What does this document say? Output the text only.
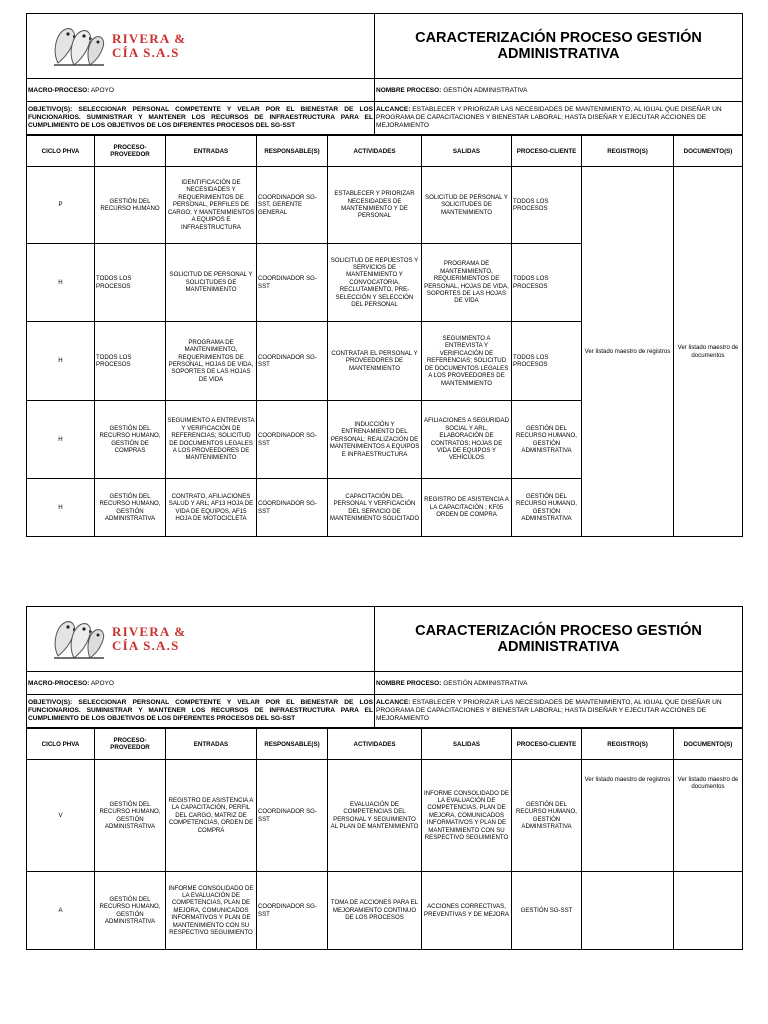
RIVERA &
CÍA S.A.S	CARACTERIZACIÓN PROCESO GESTIÓN ADMINISTRATIVA
MACRO-PROCESO: APOYO	NOMBRE PROCESO: GESTIÓN ADMINISTRATIVA
OBJETIVO(S): SELECCIONAR PERSONAL COMPETENTE Y VELAR POR EL BIENESTAR DE LOS FUNCIONARIOS. SUMINISTRAR Y MANTENER LOS RECURSOS DE INFRAESTRUCTURA PARA EL CUMPLIMIENTO DE LOS OBJETIVOS DE LOS DIFERENTES PROCESOS DEL SG-SST	ALCANCE: ESTABLECER Y PRIORIZAR LAS NECESIDADES DE MANTENIMIENTO, AL IGUAL QUE DISEÑAR UN PROGRAMA DE CAPACITACIONES Y BIENESTAR LABORAL; HASTA DISEÑAR Y EJECUTAR ACCIONES DE MEJORAMIENTO
CICLO PHVA	PROCESO-PROVEEDOR	ENTRADAS	RESPONSABLE(S)	ACTIVIDADES	SALIDAS	PROCESO-CLIENTE	REGISTRO(S)	DOCUMENTO(S)
P	GESTIÓN DEL RECURSO HUMANO	IDENTIFICACIÓN DE NECESIDADES Y REQUERIMIENTOS DE PERSONAL, PERFILES DE CARGO; Y MANTENIMIENTOS A EQUIPOS E INFRAESTRUCTURA	COORDINADOR SG-SST, GERENTE GENERAL	ESTABLECER Y PRIORIZAR NECESIDADES DE MANTENIMIENTO Y DE PERSONAL	SOLICITUD DE PERSONAL Y SOLICITUDES DE MANTENIMIENTO	TODOS LOS PROCESOS	Ver listado maestro de registros	Ver listado maestro de documentos
H	TODOS LOS PROCESOS	SOLICITUD DE PERSONAL Y SOLICITUDES DE MANTENIMIENTO	COORDINADOR SG-SST	SOLICITUD DE REPUESTOS Y SERVICIOS DE MANTENIMIENTO Y CONVOCATORIA, RECLUTAMIENTO, PRE-SELECCIÓN Y SELECCIÓN DEL PERSONAL	PROGRAMA DE MANTENIMIENTO, REQUERIMIENTOS DE PERSONAL, HOJAS DE VIDA, SOPORTES DE LAS HOJAS DE VIDA	TODOS LOS PROCESOS		
H	TODOS LOS PROCESOS	PROGRAMA DE MANTENIMIENTO, REQUERIMIENTOS DE PERSONAL, HOJAS DE VIDA, SOPORTES DE LAS HOJAS DE VIDA	COORDINADOR SG-SST	CONTRATAR EL PERSONAL Y PROVEEDORES DE MANTENIMIENTO	SEGUIMIENTO A ENTREVISTA Y VERIFICACIÓN DE REFERENCIAS; SOLICITUD DE DOCUMENTOS LEGALES A LOS PROVEEDORES DE MANTENIMIENTO	TODOS LOS PROCESOS		
H	GESTIÓN DEL RECURSO HUMANO, GESTIÓN DE COMPRAS	SEGUIMIENTO A ENTREVISTA Y VERIFICACIÓN DE REFERENCIAS; SOLICITUD DE DOCUMENTOS LEGALES A LOS PROVEEDORES DE MANTENIMIENTO	COORDINADOR SG-SST	INDUCCIÓN Y ENTRENAMIENTO DEL PERSONAL; REALIZACIÓN DE MANTENIMIENTOS A EQUIPOS E INFRAESTRUCTURA	AFILIACIONES A SEGURIDAD SOCIAL Y ARL, ELABORACIÓN DE CONTRATOS; HOJAS DE VIDA DE EQUIPOS Y VEHÍCULOS	GESTIÓN DEL RECURSO HUMANO, GESTIÓN ADMINISTRATIVA		
H	GESTIÓN DEL RECURSO HUMANO, GESTIÓN ADMINISTRATIVA	CONTRATO, AFILIACIONES SALUD Y ARL; AF13 HOJA DE VIDA DE EQUIPOS, AF15 HOJA DE MOTOCICLETA	COORDINADOR SG-SST	CAPACITACIÓN DEL PERSONAL Y VERFICACIÓN DEL SERVICIO DE MANTENIMIENTO SOLICITADO	REGISTRO DE ASISTENCIA A LA CAPACITACIÓN ; KF05 ORDEN DE COMPRA	GESTIÓN DEL RECURSO HUMANO, GESTIÓN ADMINISTRATIVA		
RIVERA &
CÍA S.A.S	CARACTERIZACIÓN PROCESO GESTIÓN ADMINISTRATIVA
MACRO-PROCESO: APOYO	NOMBRE PROCESO: GESTIÓN ADMINISTRATIVA
OBJETIVO(S): SELECCIONAR PERSONAL COMPETENTE Y VELAR POR EL BIENESTAR DE LOS FUNCIONARIOS. SUMINISTRAR Y MANTENER LOS RECURSOS DE INFRAESTRUCTURA PARA EL CUMPLIMIENTO DE LOS OBJETIVOS DE LOS DIFERENTES PROCESOS DEL SG-SST	ALCANCE: ESTABLECER Y PRIORIZAR LAS NECESIDADES DE MANTENIMIENTO, AL IGUAL QUE DISEÑAR UN PROGRAMA DE CAPACITACIONES Y BIENESTAR LABORAL; HASTA DISEÑAR Y EJECUTAR ACCIONES DE MEJORAMIENTO
CICLO PHVA	PROCESO-PROVEEDOR	ENTRADAS	RESPONSABLE(S)	ACTIVIDADES	SALIDAS	PROCESO-CLIENTE	REGISTRO(S)	DOCUMENTO(S)
V	GESTIÓN DEL RECURSO HUMANO, GESTIÓN ADMINISTRATIVA	REGISTRO DE ASISTENCIA A LA CAPACITACIÓN, PERFIL DEL CARGO, MATRIZ DE COMPETENCIAS, ORDEN DE COMPRA	COORDINADOR SG-SST	EVALUACIÓN DE COMPETENCIAS DEL PERSONAL Y SEGUIMIENTO AL PLAN DE MANTENIMIENTO	INFORME CONSOLIDADO DE LA EVALUACIÓN DE COMPETENCIAS, PLAN DE MEJORA, COMUNICADOS INFORMATIVOS Y PLAN DE MANTENIMIENTO CON SU RESPECTIVO SEGUIMIENTO	GESTIÓN DEL RECURSO HUMANO, GESTIÓN ADMINISTRATIVA	Ver listado maestro de registros	Ver listado maestro de documentos
A	GESTIÓN DEL RECURSO HUMANO, GESTIÓN ADMINISTRATIVA	INFORME CONSOLIDADO DE LA EVALUACIÓN DE COMPETENCIAS, PLAN DE MEJORA, COMUNICADOS INFORMATIVOS Y PLAN DE MANTENIMIENTO CON SU RESPECTIVO SEGUIMIENTO	COORDINADOR SG-SST	TOMA DE ACCIONES PARA EL MEJORAMIENTO CONTINUO DE LOS PROCESOS	ACCIONES CORRECTIVAS, PREVENTIVAS Y DE MEJORA	GESTIÓN SG-SST		
